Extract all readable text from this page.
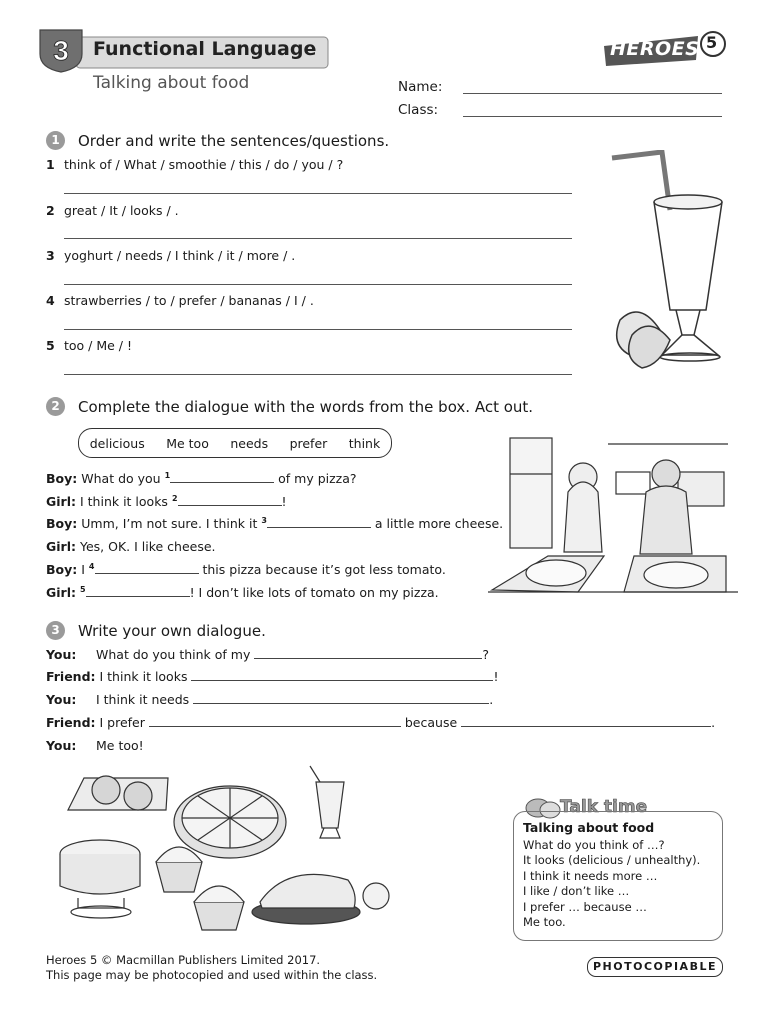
3 Functional Language
Talking about food
HEROES 5
Name:
Class:
1	Order and write the sentences/questions.
1 think of / What / smoothie / this / do / you / ?
2 great / It / looks / .
3 yoghurt / needs / I think / it / more / .
4 strawberries / to / prefer / bananas / I / .
5 too / Me / !
2	Complete the dialogue with the words from the box. Act out.
delicious Me too needs prefer think
Boy: What do you $^1$	of my pizza?
Girl: I think it looks $^2$	!
Boy: Umm, I’m not sure. I think it $^3$	a little more cheese.
Girl: Yes, OK. I like cheese.
Boy: I $^4$	this pizza because it’s got less tomato.
Girl: $^5$	! I don’t like lots of tomato on my pizza.
3	Write your own dialogue.
You: What do you think of my	?
Friend: I think it looks	!
You: I think it needs	.
Friend: I prefer	because	.
You: Me too!
Talk time
Talking about food
What do you think of …?
It looks (delicious / unhealthy).
I think it needs more …
I like / don’t like …
I prefer … because …
Me too.
Heroes 5 © Macmillan Publishers Limited 2017.
This page may be photocopied and used within the class.
PHOTOCOPIABLE
